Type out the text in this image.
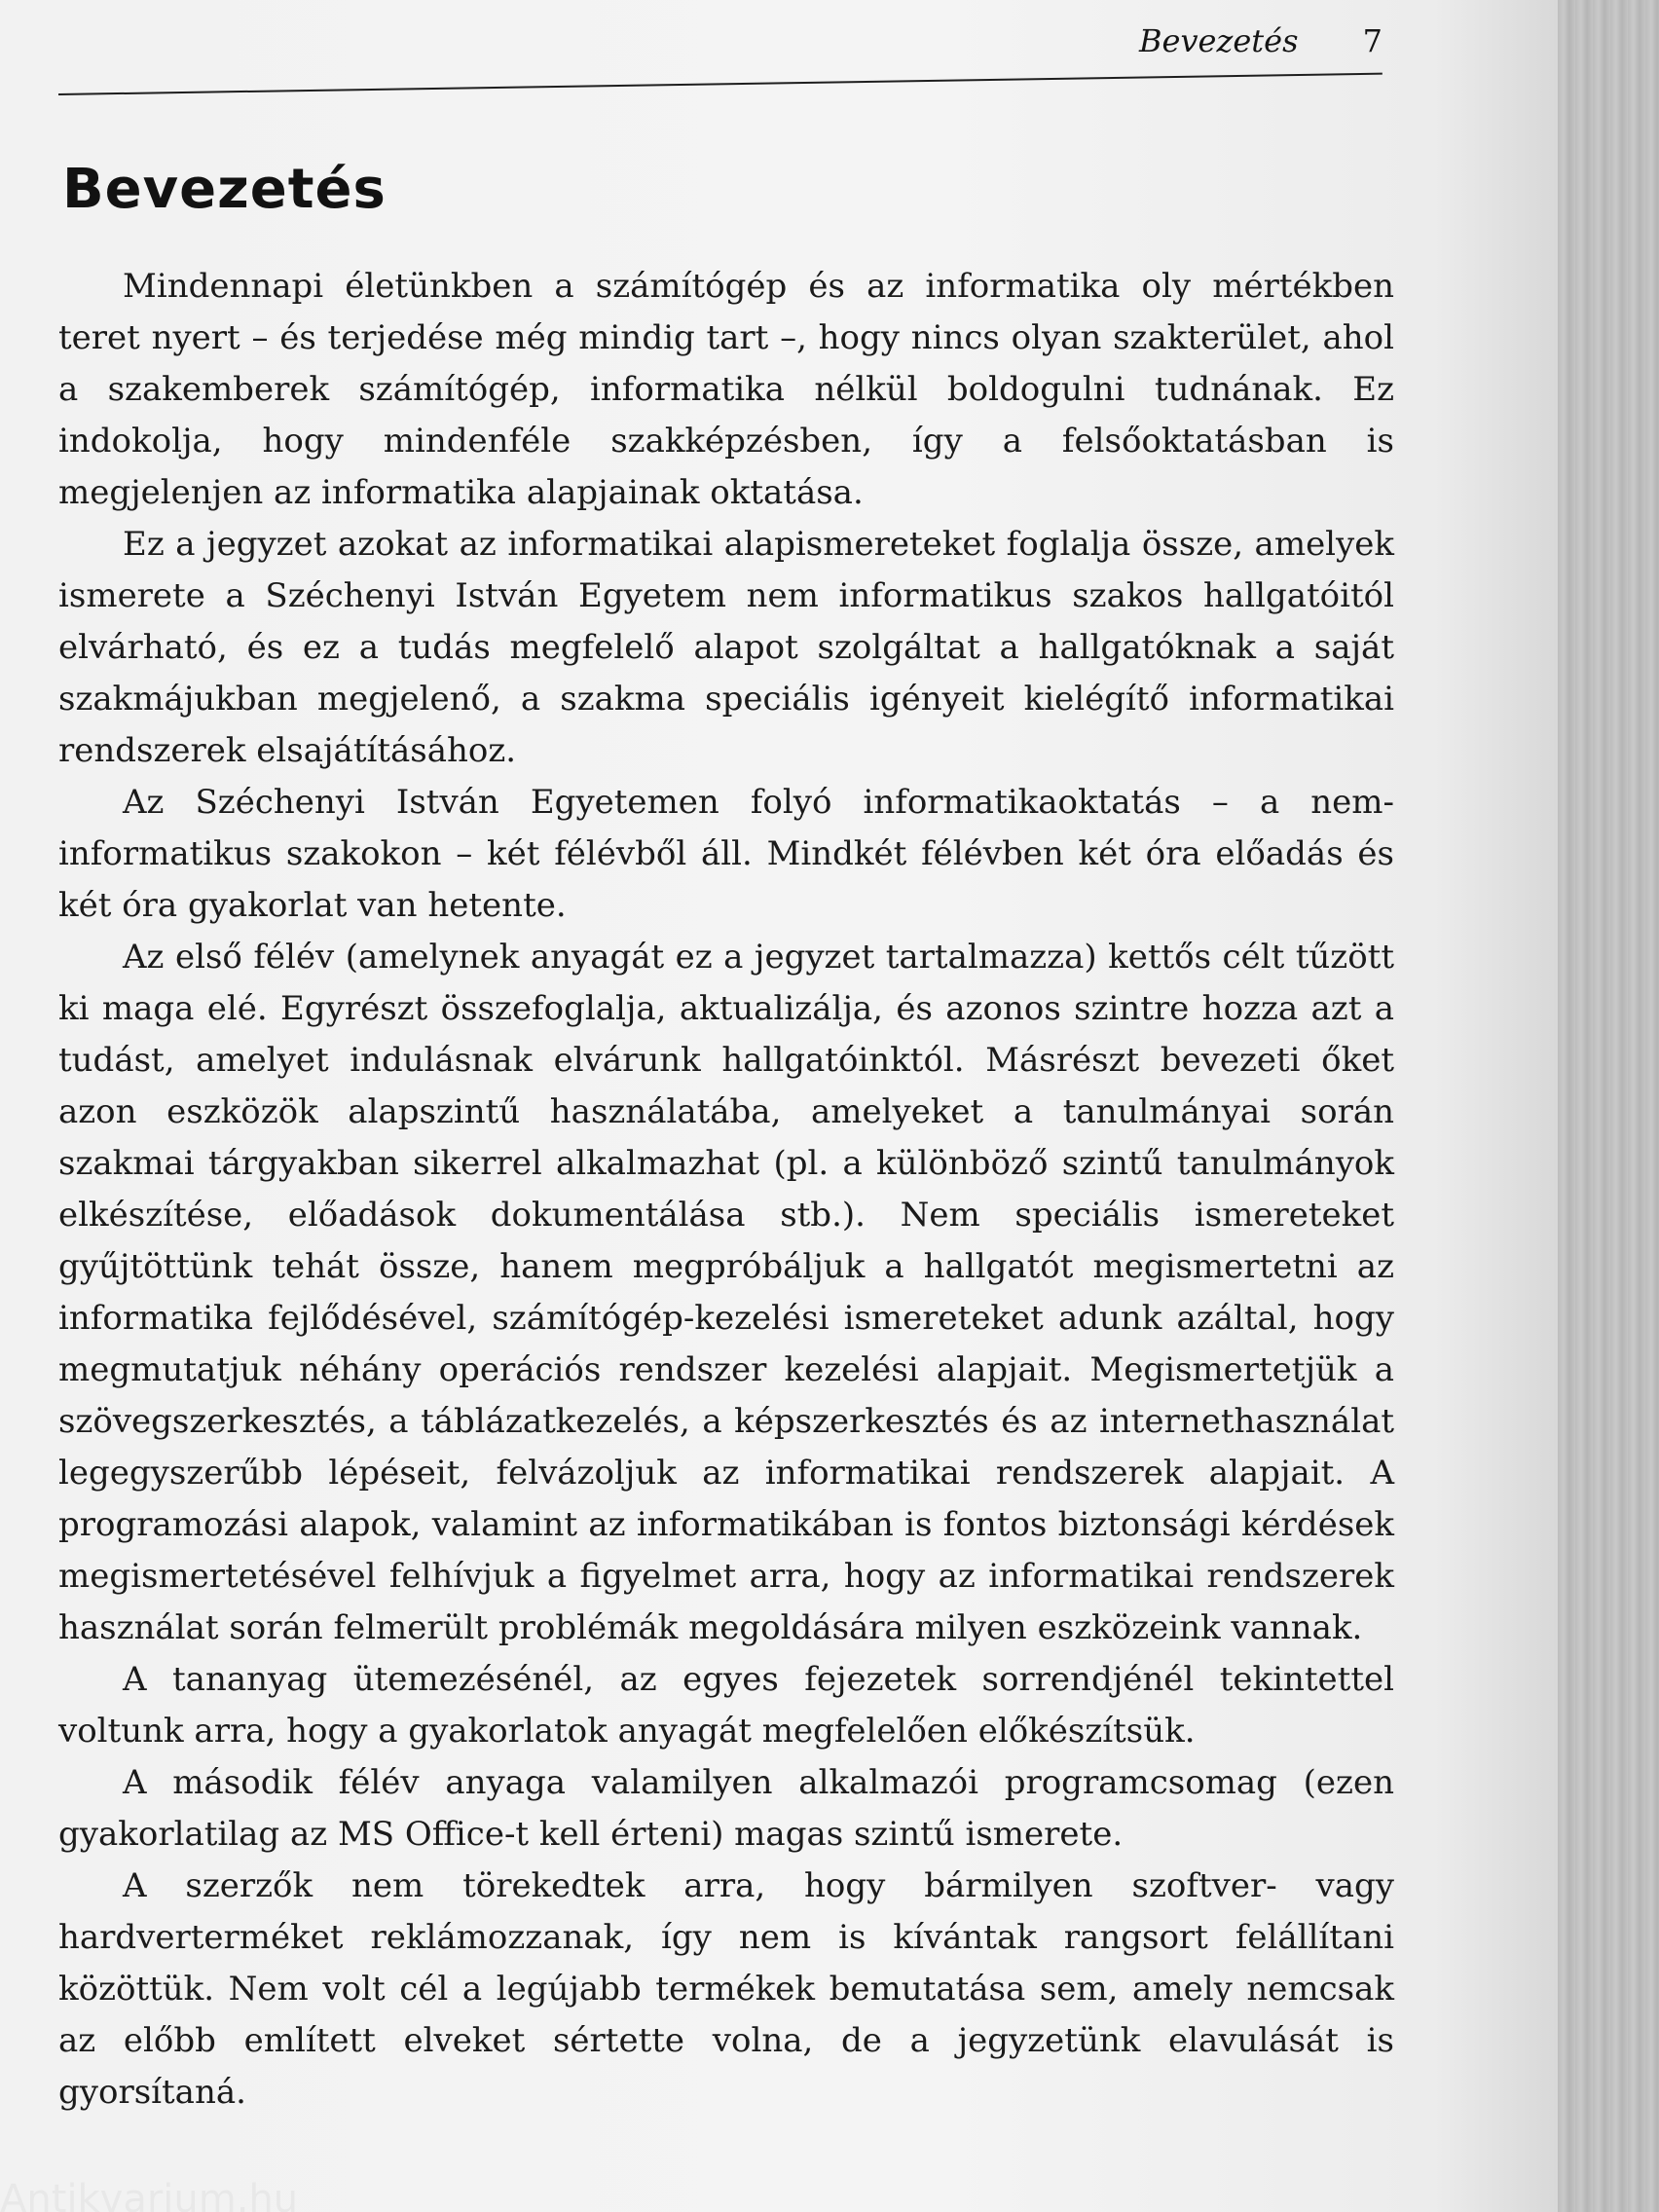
Bevezetés 7
Bevezetés

Mindennapi életünkben a számítógép és az informatika oly mértékben teret nyert – és terjedése még mindig tart –, hogy nincs olyan szakterület, ahol a szakemberek számítógép, informatika nélkül boldogulni tudnának. Ez indokolja, hogy mindenféle szakképzésben, így a felsőoktatásban is megjelenjen az informatika alapjainak oktatása.

Ez a jegyzet azokat az informatikai alapismereteket foglalja össze, amelyek ismerete a Széchenyi István Egyetem nem informatikus szakos hallgatóitól elvárható, és ez a tudás megfelelő alapot szolgáltat a hallgatóknak a saját szakmájukban megjelenő, a szakma speciális igényeit kielégítő informatikai rendszerek elsajátításához.

Az Széchenyi István Egyetemen folyó informatikaoktatás – a nem-informatikus szakokon – két félévből áll. Mindkét félévben két óra előadás és két óra gyakorlat van hetente.

Az első félév (amelynek anyagát ez a jegyzet tartalmazza) kettős célt tűzött ki maga elé. Egyrészt összefoglalja, aktualizálja, és azonos szintre hozza azt a tudást, amelyet indulásnak elvárunk hallgatóinktól. Másrészt bevezeti őket azon eszközök alapszintű használatába, amelyeket a tanulmányai során szakmai tárgyakban sikerrel alkalmazhat (pl. a különböző szintű tanulmányok elkészítése, előadások dokumentálása stb.). Nem speciális ismereteket gyűjtöttünk tehát össze, hanem megpróbáljuk a hallgatót megismertetni az informatika fejlődésével, számítógép-kezelési ismereteket adunk azáltal, hogy megmutatjuk néhány operációs rendszer kezelési alapjait. Megismertetjük a szövegszerkesztés, a táblázatkezelés, a képszerkesztés és az internethasználat legegyszerűbb lépéseit, felvázoljuk az informatikai rendszerek alapjait. A programozási alapok, valamint az informatikában is fontos biztonsági kérdések megismertetésével felhívjuk a figyelmet arra, hogy az informatikai rendszerek használat során felmerült problémák megoldására milyen eszközeink vannak.

A tananyag ütemezésénél, az egyes fejezetek sorrendjénél tekintettel voltunk arra, hogy a gyakorlatok anyagát megfelelően előkészítsük.

A második félév anyaga valamilyen alkalmazói programcsomag (ezen gyakorlatilag az MS Office-t kell érteni) magas szintű ismerete.

A szerzők nem törekedtek arra, hogy bármilyen szoftver- vagy hardverterméket reklámozzanak, így nem is kívántak rangsort felállítani közöttük. Nem volt cél a legújabb termékek bemutatása sem, amely nemcsak az előbb említett elveket sértette volna, de a jegyzetünk elavulását is gyorsítaná.

Antikvarium.hu
